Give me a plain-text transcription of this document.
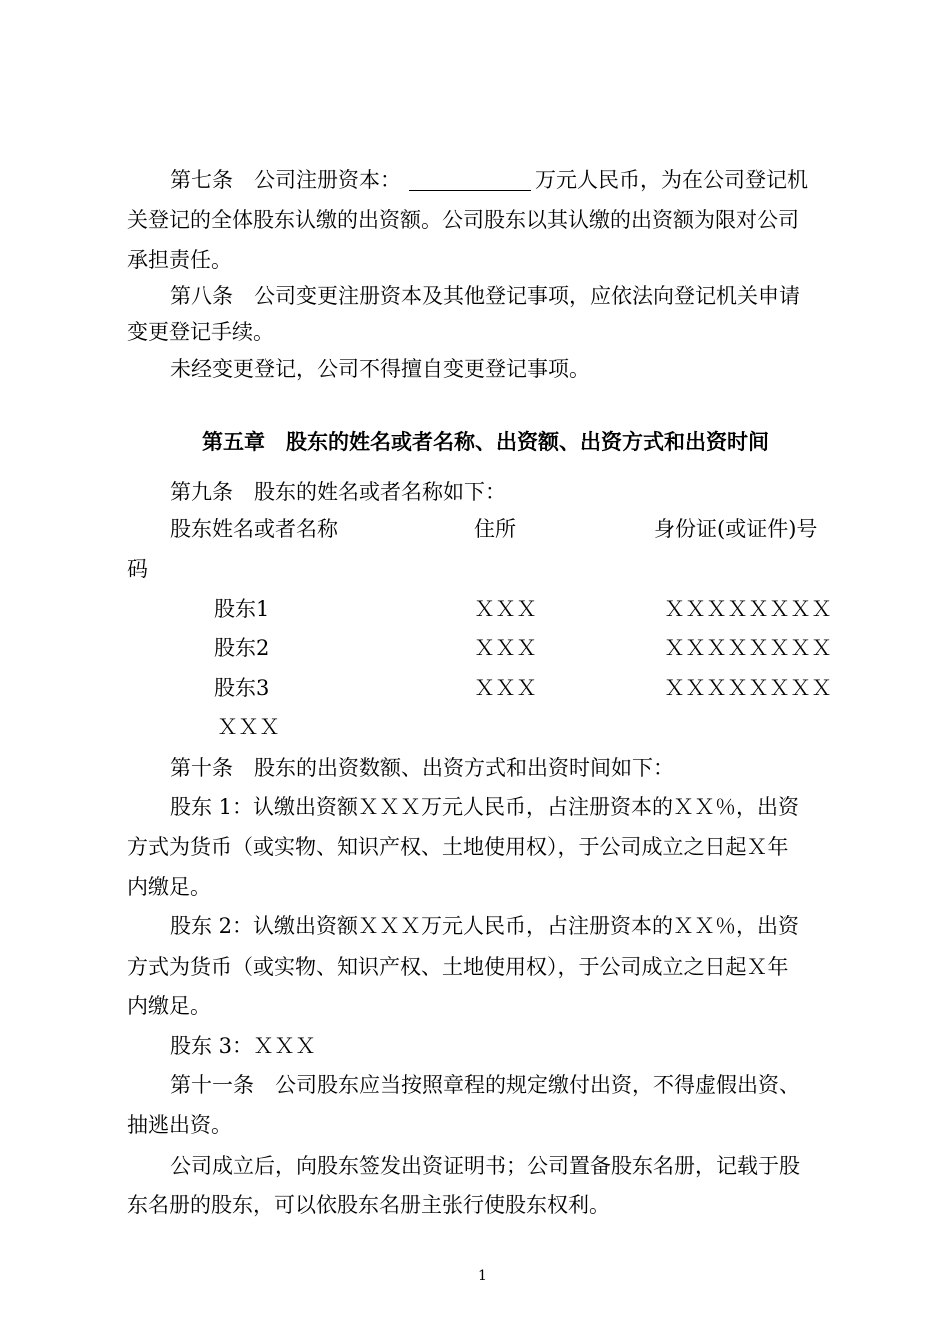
第七条　公司注册资本：	万元人民币，为在公司登记机
关登记的全体股东认缴的出资额。公司股东以其认缴的出资额为限对公司
承担责任。
第八条　公司变更注册资本及其他登记事项，应依法向登记机关申请
变更登记手续。
未经变更登记，公司不得擅自变更登记事项。
第五章　股东的姓名或者名称、出资额、出资方式和出资时间
第九条　股东的姓名或者名称如下：
股东姓名或者名称	住所	身份证(或证件)号
码
股东1	ＸＸＸ	ＸＸＸＸＸＸＸＸ
股东2	ＸＸＸ	ＸＸＸＸＸＸＸＸ
股东3	ＸＸＸ	ＸＸＸＸＸＸＸＸ
ＸＸＸ
第十条　股东的出资数额、出资方式和出资时间如下：
股东 1：认缴出资额ＸＸＸ万元人民币，占注册资本的ＸＸ％，出资
方式为货币（或实物、知识产权、土地使用权），于公司成立之日起Ｘ年
内缴足。
股东 2：认缴出资额ＸＸＸ万元人民币，占注册资本的ＸＸ％，出资
方式为货币（或实物、知识产权、土地使用权），于公司成立之日起Ｘ年
内缴足。
股东 3：ＸＸＸ
第十一条　公司股东应当按照章程的规定缴付出资，不得虚假出资、
抽逃出资。
公司成立后，向股东签发出资证明书；公司置备股东名册，记载于股
东名册的股东，可以依股东名册主张行使股东权利。
1
